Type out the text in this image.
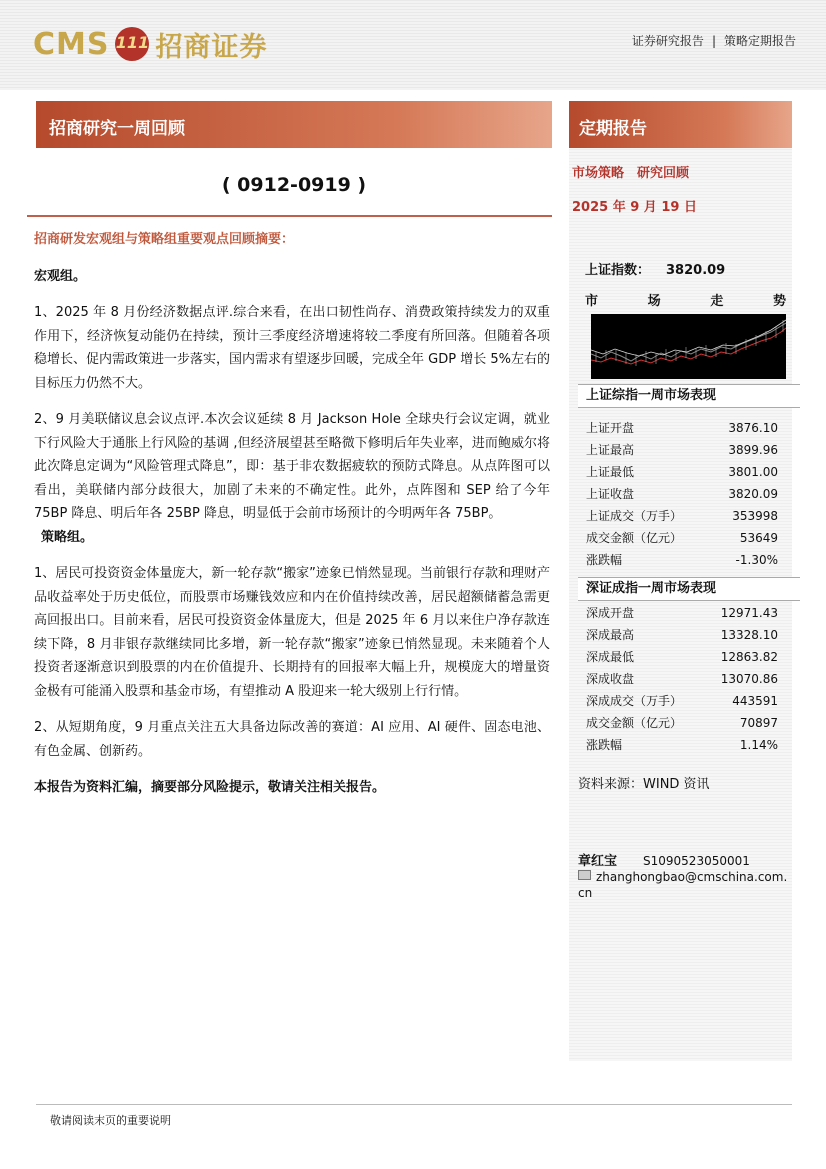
CMS 111 招商证券	证券研究报告 | 策略定期报告
招商研究一周回顾
( 0912-0919 )

招商研发宏观组与策略组重要观点回顾摘要：

宏观组。

1、2025 年 8 月份经济数据点评.综合来看，在出口韧性尚存、消费政策持续发力的双重作用下，经济恢复动能仍在持续，预计三季度经济增速将较二季度有所回落。但随着各项稳增长、促内需政策进一步落实，国内需求有望逐步回暖，完成全年 GDP 增长 5%左右的目标压力仍然不大。

2、9 月美联储议息会议点评.本次会议延续 8 月 Jackson Hole 全球央行会议定调，就业下行风险大于通胀上行风险的基调 ,但经济展望甚至略微下修明后年失业率，进而鲍威尔将此次降息定调为“风险管理式降息”，即：基于非农数据疲软的预防式降息。从点阵图可以看出，美联储内部分歧很大，加剧了未来的不确定性。此外，点阵图和 SEP 给了今年 75BP 降息、明后年各 25BP 降息，明显低于会前市场预计的今明两年各 75BP。

策略组。

1、居民可投资资金体量庞大，新一轮存款“搬家”迹象已悄然显现。当前银行存款和理财产品收益率处于历史低位，而股票市场赚钱效应和内在价值持续改善，居民超额储蓄急需更高回报出口。目前来看，居民可投资资金体量庞大，但是 2025 年 6 月以来住户净存款连续下降，8 月非银存款继续同比多增，新一轮存款“搬家”迹象已悄然显现。未来随着个人投资者逐渐意识到股票的内在价值提升、长期持有的回报率大幅上升，规模庞大的增量资金极有可能涌入股票和基金市场，有望推动 A 股迎来一轮大级别上行行情。

2、从短期角度，9 月重点关注五大具备边际改善的赛道：AI 应用、AI 硬件、固态电池、有色金属、创新药。

本报告为资料汇编，摘要部分风险提示，敬请关注相关报告。

定期报告
市场策略 研究回顾
2025 年 9 月 19 日
上证指数： 3820.09
市	场	走	势
上证综指一周市场表现
上证开盘	3876.10
上证最高	3899.96
上证最低	3801.00
上证收盘	3820.09
上证成交（万手）	353998
成交金额（亿元）	53649
涨跌幅	-1.30%
深证成指一周市场表现
深成开盘	12971.43
深成最高	13328.10
深成最低	12863.82
深成收盘	13070.86
深成成交（万手）	443591
成交金额（亿元）	70897
涨跌幅	1.14%
资料来源：WIND 资讯
章红宝 S1090523050001
zhanghongbao@cmschina.com.cn
敬请阅读末页的重要说明
